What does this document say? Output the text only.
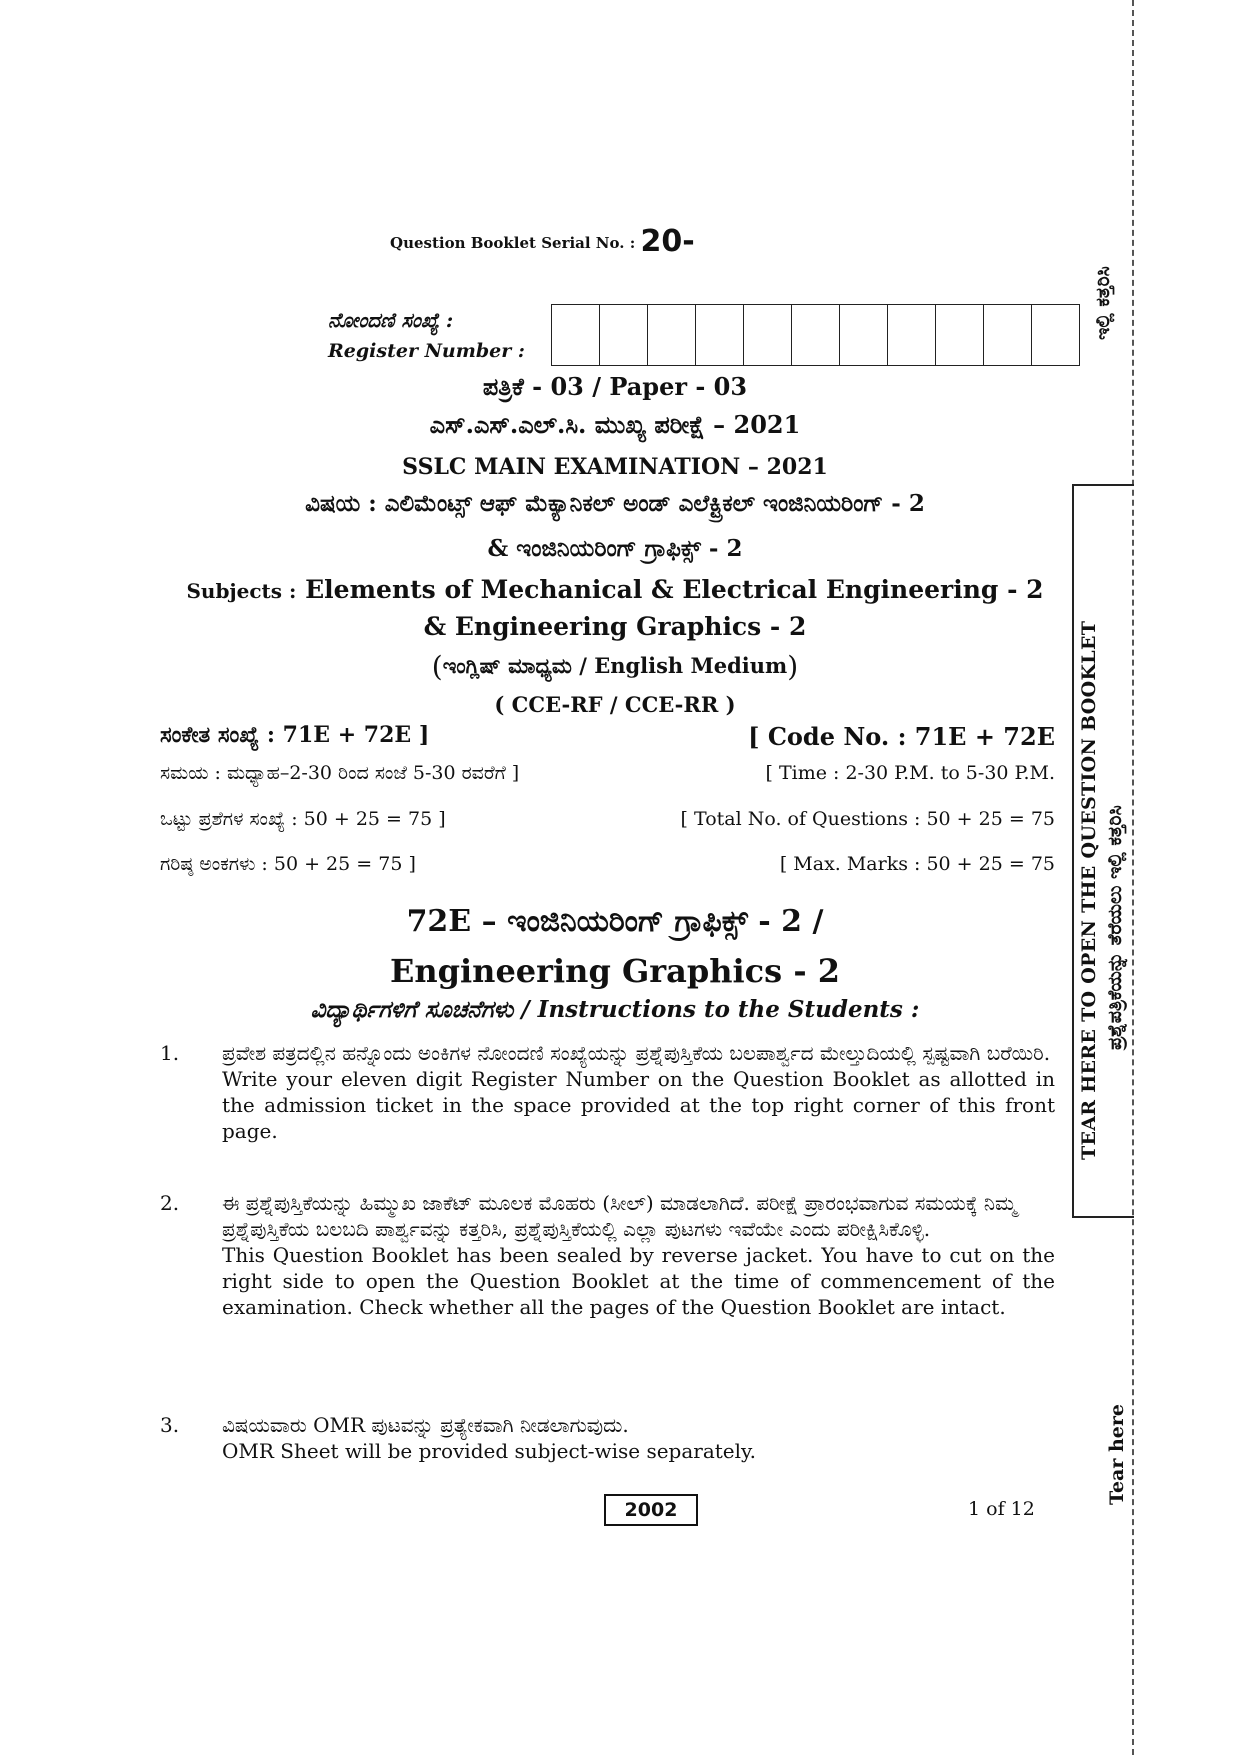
Question Booklet Serial No. : 20-
ನೋಂದಣಿ ಸಂಖ್ಯೆ :
Register Number :
ಪತ್ರಿಕೆ - 03 / Paper - 03
ಎಸ್.ಎಸ್.ಎಲ್.ಸಿ. ಮುಖ್ಯ ಪರೀಕ್ಷೆ – 2021
SSLC MAIN EXAMINATION – 2021
ವಿಷಯ : ಎಲಿಮೆಂಟ್ಸ್ ಆಫ್ ಮೆಕ್ಯಾನಿಕಲ್ ಅಂಡ್ ಎಲೆಕ್ಟ್ರಿಕಲ್ ಇಂಜಿನಿಯರಿಂಗ್ - 2
& ಇಂಜಿನಿಯರಿಂಗ್ ಗ್ರಾಫಿಕ್ಸ್ - 2
Subjects : Elements of Mechanical & Electrical Engineering - 2
& Engineering Graphics - 2
(ಇಂಗ್ಲಿಷ್ ಮಾಧ್ಯಮ / English Medium)
( CCE-RF / CCE-RR )
ಸಂಕೇತ ಸಂಖ್ಯೆ : 71E + 72E ]	[ Code No. : 71E + 72E
ಸಮಯ : ಮಧ್ಯಾಹ–2-30 ರಿಂದ ಸಂಜೆ 5-30 ರವರೆಗೆ ]	[ Time : 2-30 P.M. to 5-30 P.M.
ಒಟ್ಟು ಪ್ರಶೆಗಳ ಸಂಖ್ಯೆ : 50 + 25 = 75 ]	[ Total No. of Questions : 50 + 25 = 75
ಗರಿಷ್ಠ ಅಂಕಗಳು : 50 + 25 = 75 ]	[ Max. Marks : 50 + 25 = 75
72E – ಇಂಜಿನಿಯರಿಂಗ್ ಗ್ರಾಫಿಕ್ಸ್ - 2 /
Engineering Graphics - 2
ವಿದ್ಯಾರ್ಥಿಗಳಿಗೆ ಸೂಚನೆಗಳು / Instructions to the Students :
1. ಪ್ರವೇಶ ಪತ್ರದಲ್ಲಿನ ಹನ್ನೊಂದು ಅಂಕಿಗಳ ನೋಂದಣಿ ಸಂಖ್ಯೆಯನ್ನು ಪ್ರಶ್ನೆಪುಸ್ತಿಕೆಯ ಬಲಪಾರ್ಶ್ವದ ಮೇಲ್ತುದಿಯಲ್ಲಿ ಸ್ಪಷ್ಟವಾಗಿ ಬರೆಯಿರಿ.
Write your eleven digit Register Number on the Question Booklet as allotted in the admission ticket in the space provided at the top right corner of this front page.
2. ಈ ಪ್ರಶ್ನೆಪುಸ್ತಿಕೆಯನ್ನು ಹಿಮ್ಮುಖ ಜಾಕೆಟ್ ಮೂಲಕ ಮೊಹರು (ಸೀಲ್) ಮಾಡಲಾಗಿದೆ. ಪರೀಕ್ಷೆ ಪ್ರಾರಂಭವಾಗುವ ಸಮಯಕ್ಕೆ ನಿಮ್ಮ ಪ್ರಶ್ನೆಪುಸ್ತಿಕೆಯ ಬಲಬದಿ ಪಾರ್ಶ್ವವನ್ನು ಕತ್ತರಿಸಿ, ಪ್ರಶ್ನೆಪುಸ್ತಿಕೆಯಲ್ಲಿ ಎಲ್ಲಾ ಪುಟಗಳು ಇವೆಯೇ ಎಂದು ಪರೀಕ್ಷಿಸಿಕೊಳ್ಳಿ.
This Question Booklet has been sealed by reverse jacket. You have to cut on the right side to open the Question Booklet at the time of commencement of the examination. Check whether all the pages of the Question Booklet are intact.
3. ವಿಷಯವಾರು OMR ಪುಟವನ್ನು ಪ್ರತ್ಯೇಕವಾಗಿ ನೀಡಲಾಗುವುದು.
OMR Sheet will be provided subject-wise separately.
2002	1 of 12
ಇಲ್ಲಿ ಕತ್ತರಿಸಿ
TEAR HERE TO OPEN THE QUESTION BOOKLET ಪ್ರಶ್ನೆಪತ್ರಿಕೆಯನ್ನು ತೆರೆಯಲು ಇಲ್ಲಿ ಕತ್ತರಿಸಿ
Tear here
